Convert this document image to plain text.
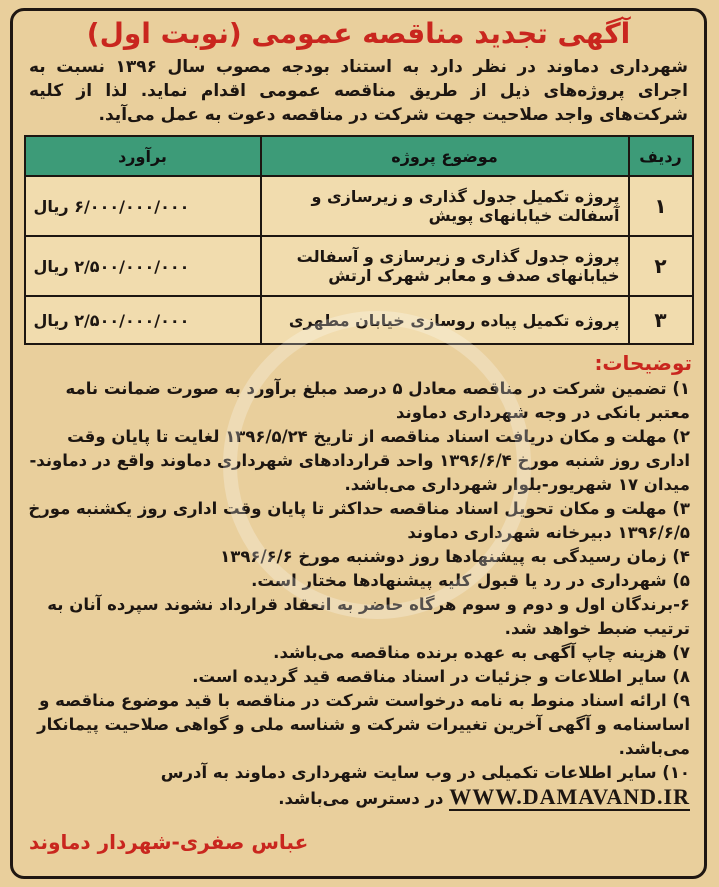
آگهی تجدید مناقصه عمومی (نوبت اول)
شهرداری دماوند در نظر دارد به استناد بودجه مصوب سال ۱۳۹۶ نسبت به اجرای پروژه‌های ذیل از طریق مناقصه عمومی اقدام نماید. لذا از کلیه شرکت‌های واجد صلاحیت جهت شرکت در مناقصه دعوت به عمل می‌آید.
ردیف	موضوع پروژه	برآورد
۱	پروژه تکمیل جدول گذاری و زیرسازی و آسفالت خیابانهای پویش	۶/۰۰۰/۰۰۰/۰۰۰ ریال
۲	پروژه جدول گذاری و زیرسازی و آسفالت خیابانهای صدف و معابر شهرک ارتش	۲/۵۰۰/۰۰۰/۰۰۰ ریال
۳	پروژه تکمیل پیاده روسازی خیابان مطهری	۲/۵۰۰/۰۰۰/۰۰۰ ریال
توضیحات:
۱) تضمین شرکت در مناقصه معادل ۵ درصد مبلغ برآورد به صورت ضمانت نامه معتبر بانکی در وجه شهرداری دماوند
۲) مهلت و مکان دریافت اسناد مناقصه از تاریخ ۱۳۹۶/۵/۲۴ لغایت تا پایان وقت اداری روز شنبه مورخ ۱۳۹۶/۶/۴ واحد قراردادهای شهرداری دماوند واقع در دماوند-میدان ۱۷ شهریور-بلوار شهرداری می‌باشد.
۳) مهلت و مکان تحویل اسناد مناقصه حداکثر تا پایان وقت اداری روز یکشنبه مورخ ۱۳۹۶/۶/۵ دبیرخانه شهرداری دماوند
۴) زمان رسیدگی به پیشنهادها روز دوشنبه مورخ ۱۳۹۶/۶/۶
۵) شهرداری در رد یا قبول کلیه پیشنهادها مختار است.
۶-برندگان اول و دوم و سوم هرگاه حاضر به انعقاد قرارداد نشوند سپرده آنان به ترتیب ضبط خواهد شد.
۷) هزینه چاپ آگهی به عهده برنده مناقصه می‌باشد.
۸) سایر اطلاعات و جزئیات در اسناد مناقصه قید گردیده است.
۹) ارائه اسناد منوط به نامه درخواست شرکت در مناقصه با قید موضوع مناقصه و اساسنامه و آگهی آخرین تغییرات شرکت و شناسه ملی و گواهی صلاحیت پیمانکار می‌باشد.
۱۰) سایر اطلاعات تکمیلی در وب سایت شهرداری دماوند به آدرس
WWW.DAMAVAND.IR در دسترس می‌باشد.
عباس صفری-شهردار دماوند
